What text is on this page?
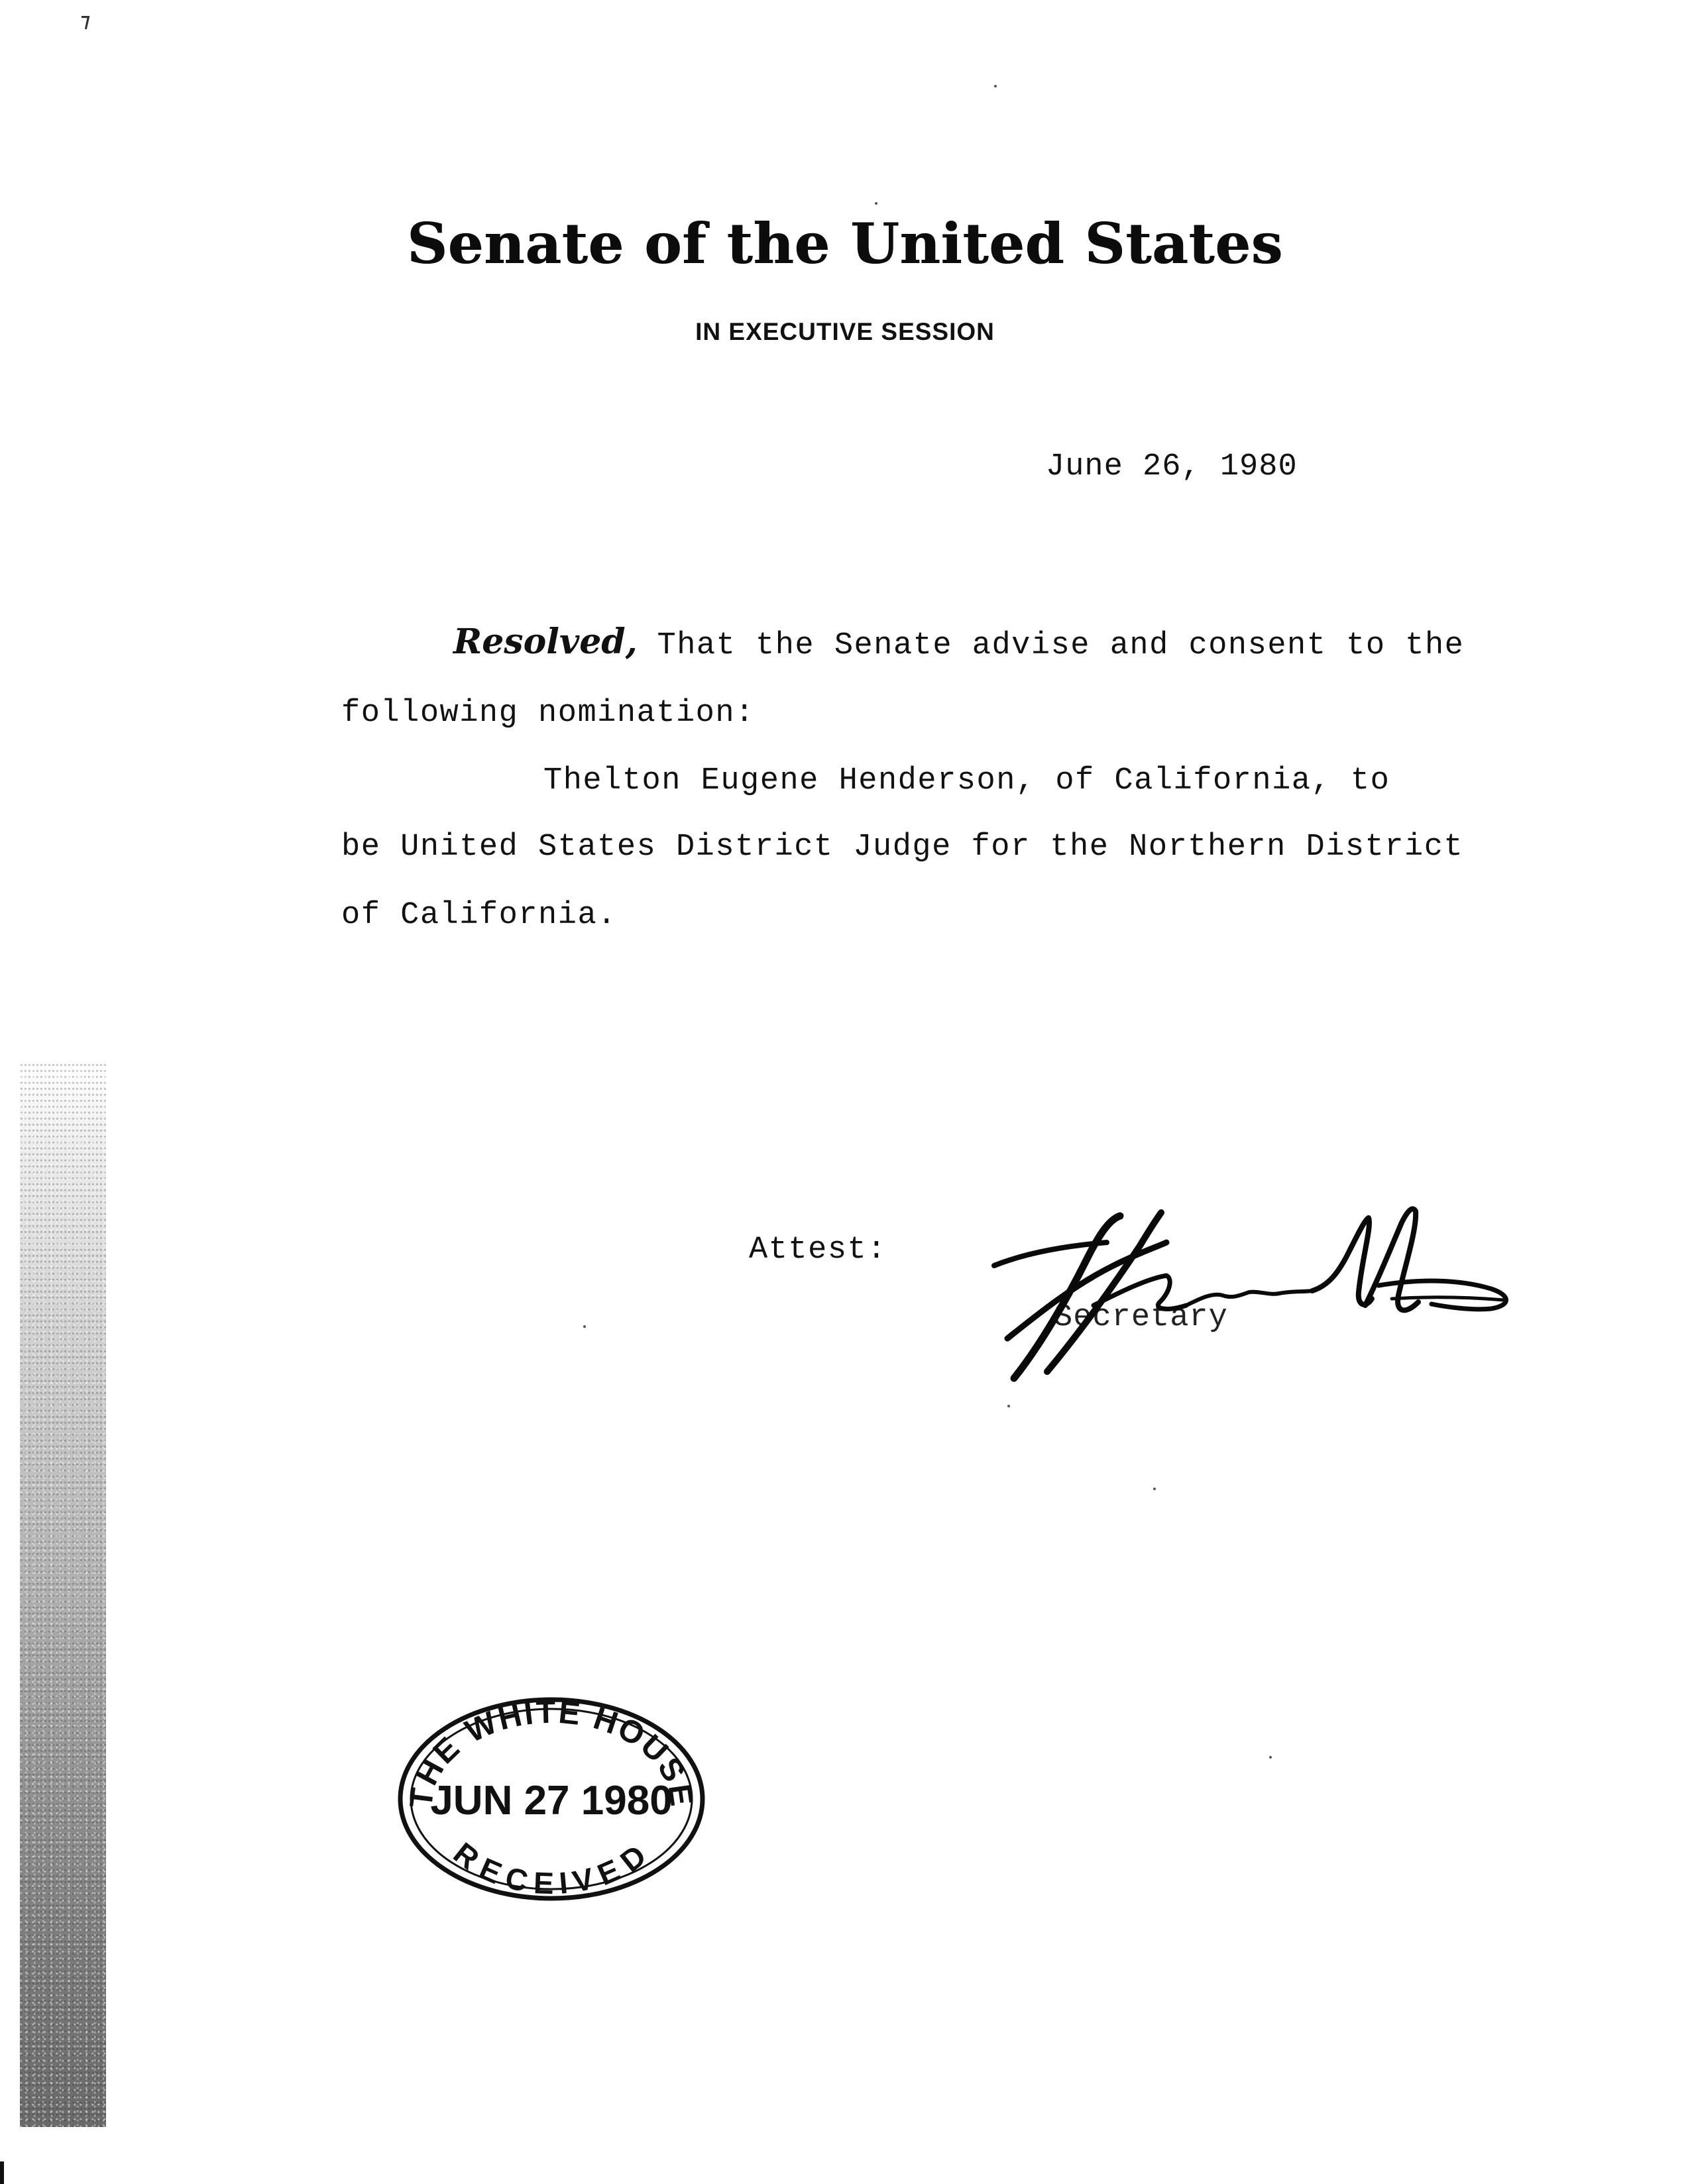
⁊
Senate of the United States
IN EXECUTIVE SESSION
June 26, 1980
Resolved, That the Senate advise and consent to the
following nomination:
Thelton Eugene Henderson, of California, to
be United States District Judge for the Northern District
of California.
Attest:
Secretary
THE WHITE HOUSE
JUN 27 1980
RECEIVED
